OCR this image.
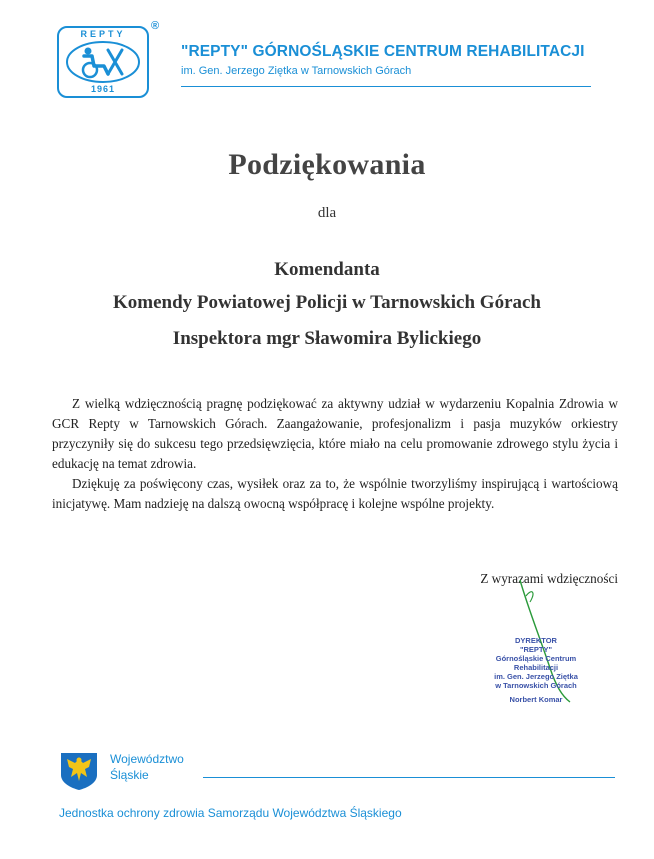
REPTY
1961
®
"REPTY" GÓRNOŚLĄSKIE CENTRUM REHABILITACJI
im. Gen. Jerzego Ziętka w Tarnowskich Górach
Podziękowania
dla
Komendanta
Komendy Powiatowej Policji w Tarnowskich Górach
Inspektora mgr Sławomira Bylickiego

Z wielką wdzięcznością pragnę podziękować za aktywny udział w wydarzeniu Kopalnia Zdrowia w GCR Repty w Tarnowskich Górach. Zaangażowanie, profesjonalizm i pasja muzyków orkiestry przyczyniły się do sukcesu tego przedsięwzięcia, które miało na celu promowanie zdrowego stylu życia i edukację na temat zdrowia.

Dziękuję za poświęcony czas, wysiłek oraz za to, że wspólnie tworzyliśmy inspirującą i wartościową inicjatywę. Mam nadzieję na dalszą owocną współpracę i kolejne wspólne projekty.

Z wyrazami wdzięczności
DYREKTOR
"REPTY"
Górnośląskie Centrum Rehabilitacji
im. Gen. Jerzego Ziętka
w Tarnowskich Górach
Norbert Komar
Województwo
Śląskie
Jednostka ochrony zdrowia Samorządu Województwa Śląskiego
